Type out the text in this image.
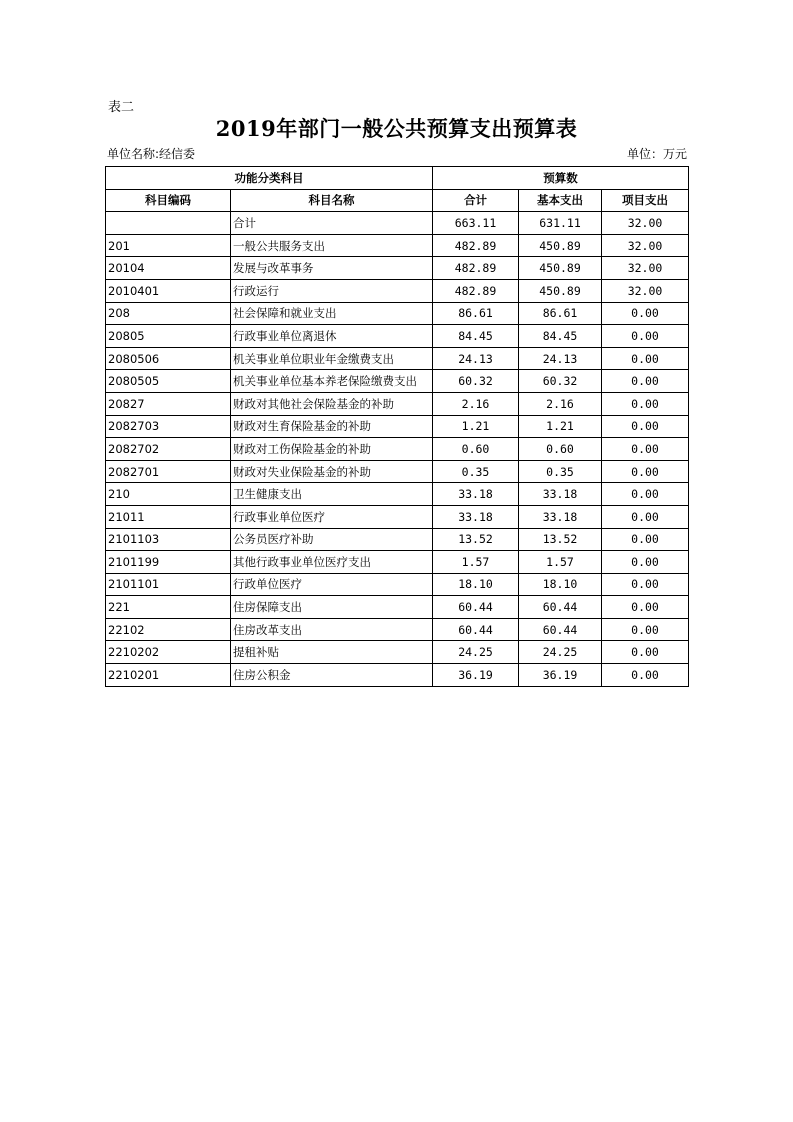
表二
2019年部门一般公共预算支出预算表
单位名称:经信委	单位：万元
功能分类科目		预算数		
科目编码	科目名称	合计	基本支出	项目支出
	合计	663.11	631.11	32.00
201	一般公共服务支出	482.89	450.89	32.00
20104	发展与改革事务	482.89	450.89	32.00
2010401	行政运行	482.89	450.89	32.00
208	社会保障和就业支出	86.61	86.61	0.00
20805	行政事业单位离退休	84.45	84.45	0.00
2080506	机关事业单位职业年金缴费支出	24.13	24.13	0.00
2080505	机关事业单位基本养老保险缴费支出	60.32	60.32	0.00
20827	财政对其他社会保险基金的补助	2.16	2.16	0.00
2082703	财政对生育保险基金的补助	1.21	1.21	0.00
2082702	财政对工伤保险基金的补助	0.60	0.60	0.00
2082701	财政对失业保险基金的补助	0.35	0.35	0.00
210	卫生健康支出	33.18	33.18	0.00
21011	行政事业单位医疗	33.18	33.18	0.00
2101103	公务员医疗补助	13.52	13.52	0.00
2101199	其他行政事业单位医疗支出	1.57	1.57	0.00
2101101	行政单位医疗	18.10	18.10	0.00
221	住房保障支出	60.44	60.44	0.00
22102	住房改革支出	60.44	60.44	0.00
2210202	提租补贴	24.25	24.25	0.00
2210201	住房公积金	36.19	36.19	0.00
